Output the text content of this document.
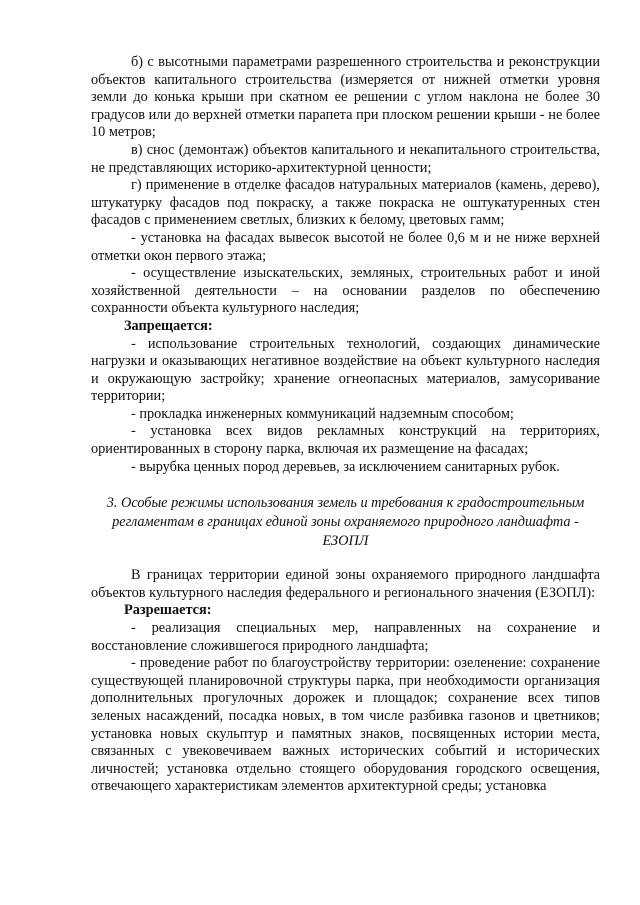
б) с высотными параметрами разрешенного строительства и реконструкции объектов капитального строительства (измеряется от нижней отметки уровня земли до конька крыши при скатном ее решении с углом наклона не более 30 градусов или до верхней отметки парапета при плоском решении крыши - не более 10 метров;

в) снос (демонтаж) объектов капитального и некапитального строительства, не представляющих историко-архитектурной ценности;

г) применение в отделке фасадов натуральных материалов (камень, дерево), штукатурку фасадов под покраску, а также покраска не оштукатуренных стен фасадов с применением светлых, близких к белому, цветовых гамм;

- установка на фасадах вывесок высотой не более 0,6 м и не ниже верхней отметки окон первого этажа;

- осуществление изыскательских, земляных, строительных работ и иной хозяйственной деятельности – на основании разделов по обеспечению сохранности объекта культурного наследия;

Запрещается:

- использование строительных технологий, создающих динамические нагрузки и оказывающих негативное воздействие на объект культурного наследия и окружающую застройку; хранение огнеопасных материалов, замусоривание территории;

- прокладка инженерных коммуникаций надземным способом;

- установка всех видов рекламных конструкций на территориях, ориентированных в сторону парка, включая их размещение на фасадах;

- вырубка ценных пород деревьев, за исключением санитарных рубок.

3. Особые режимы использования земель и требования к градостроительным регламентам в границах единой зоны охраняемого природного ландшафта - ЕЗОПЛ

В границах территории единой зоны охраняемого природного ландшафта объектов культурного наследия федерального и регионального значения (ЕЗОПЛ):

Разрешается:

- реализация специальных мер, направленных на сохранение и восстановление сложившегося природного ландшафта;

- проведение работ по благоустройству территории: озеленение: сохранение существующей планировочной структуры парка, при необходимости организация дополнительных прогулочных дорожек и площадок; сохранение всех типов зеленых насаждений, посадка новых, в том числе разбивка газонов и цветников; установка новых скульптур и памятных знаков, посвященных истории места, связанных с увековечиваем важных исторических событий и исторических личностей; установка отдельно стоящего оборудования городского освещения, отвечающего характеристикам элементов архитектурной среды; установка
